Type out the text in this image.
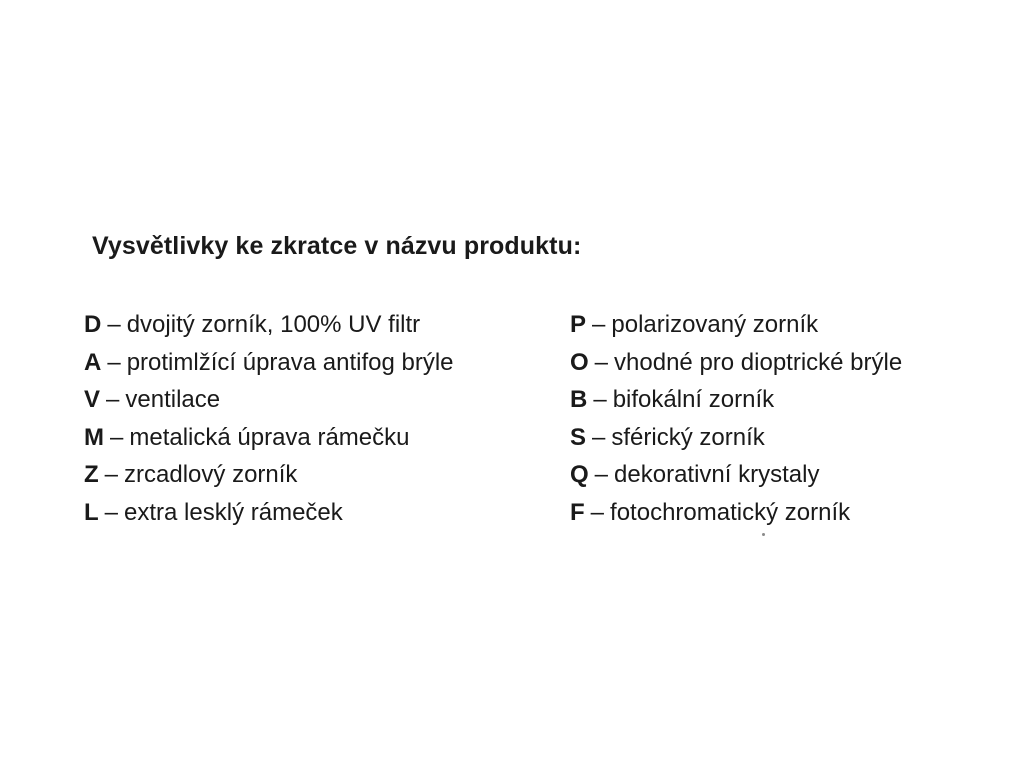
Vysvětlivky ke zkratce v názvu produktu:
D – dvojitý zorník, 100% UV filtr
A – protimlžící úprava antifog brýle
V – ventilace
M – metalická úprava rámečku
Z – zrcadlový zorník
L – extra lesklý rámeček
P – polarizovaný zorník
O – vhodné pro dioptrické brýle
B – bifokální zorník
S – sférický zorník
Q – dekorativní krystaly
F – fotochromatický zorník
